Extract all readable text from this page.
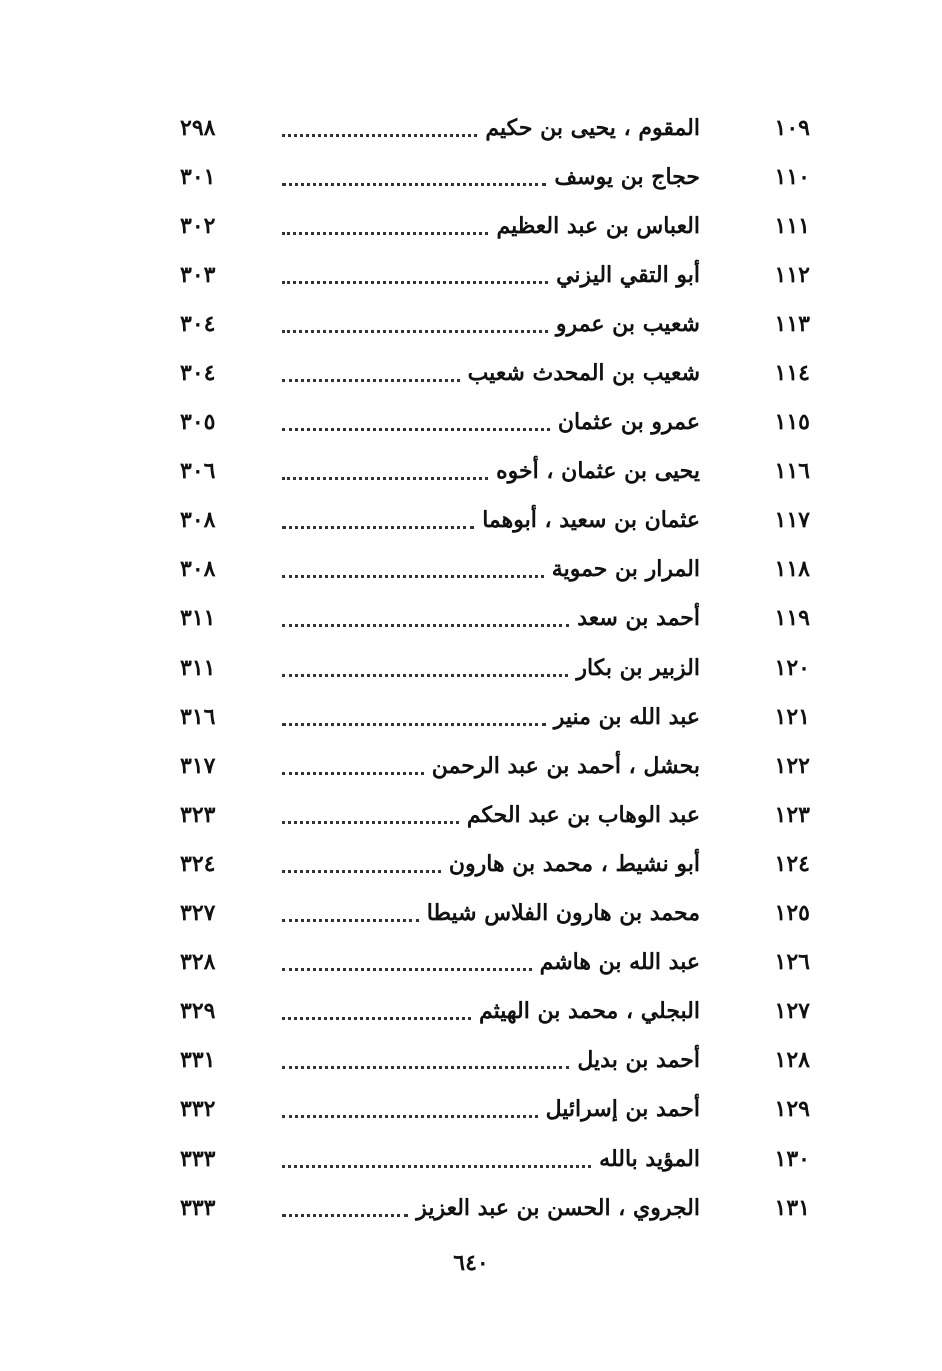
١٠٩
المقوم ، يحيى بن حكيم
٢٩٨
١١٠
حجاج بن يوسف
٣٠١
١١١
العباس بن عبد العظيم
٣٠٢
١١٢
أبو التقي اليزني
٣٠٣
١١٣
شعيب بن عمرو
٣٠٤
١١٤
شعيب بن المحدث شعيب
٣٠٤
١١٥
عمرو بن عثمان
٣٠٥
١١٦
يحيى بن عثمان ، أخوه
٣٠٦
١١٧
عثمان بن سعيد ، أبوهما
٣٠٨
١١٨
المرار بن حموية
٣٠٨
١١٩
أحمد بن سعد
٣١١
١٢٠
الزبير بن بكار
٣١١
١٢١
عبد الله بن منير
٣١٦
١٢٢
بحشل ، أحمد بن عبد الرحمن
٣١٧
١٢٣
عبد الوهاب بن عبد الحكم
٣٢٣
١٢٤
أبو نشيط ، محمد بن هارون
٣٢٤
١٢٥
محمد بن هارون الفلاس شيطا
٣٢٧
١٢٦
عبد الله بن هاشم
٣٢٨
١٢٧
البجلي ، محمد بن الهيثم
٣٢٩
١٢٨
أحمد بن بديل
٣٣١
١٢٩
أحمد بن إسرائيل
٣٣٢
١٣٠
المؤيد بالله
٣٣٣
١٣١
الجروي ، الحسن بن عبد العزيز
٣٣٣
٦٤٠
